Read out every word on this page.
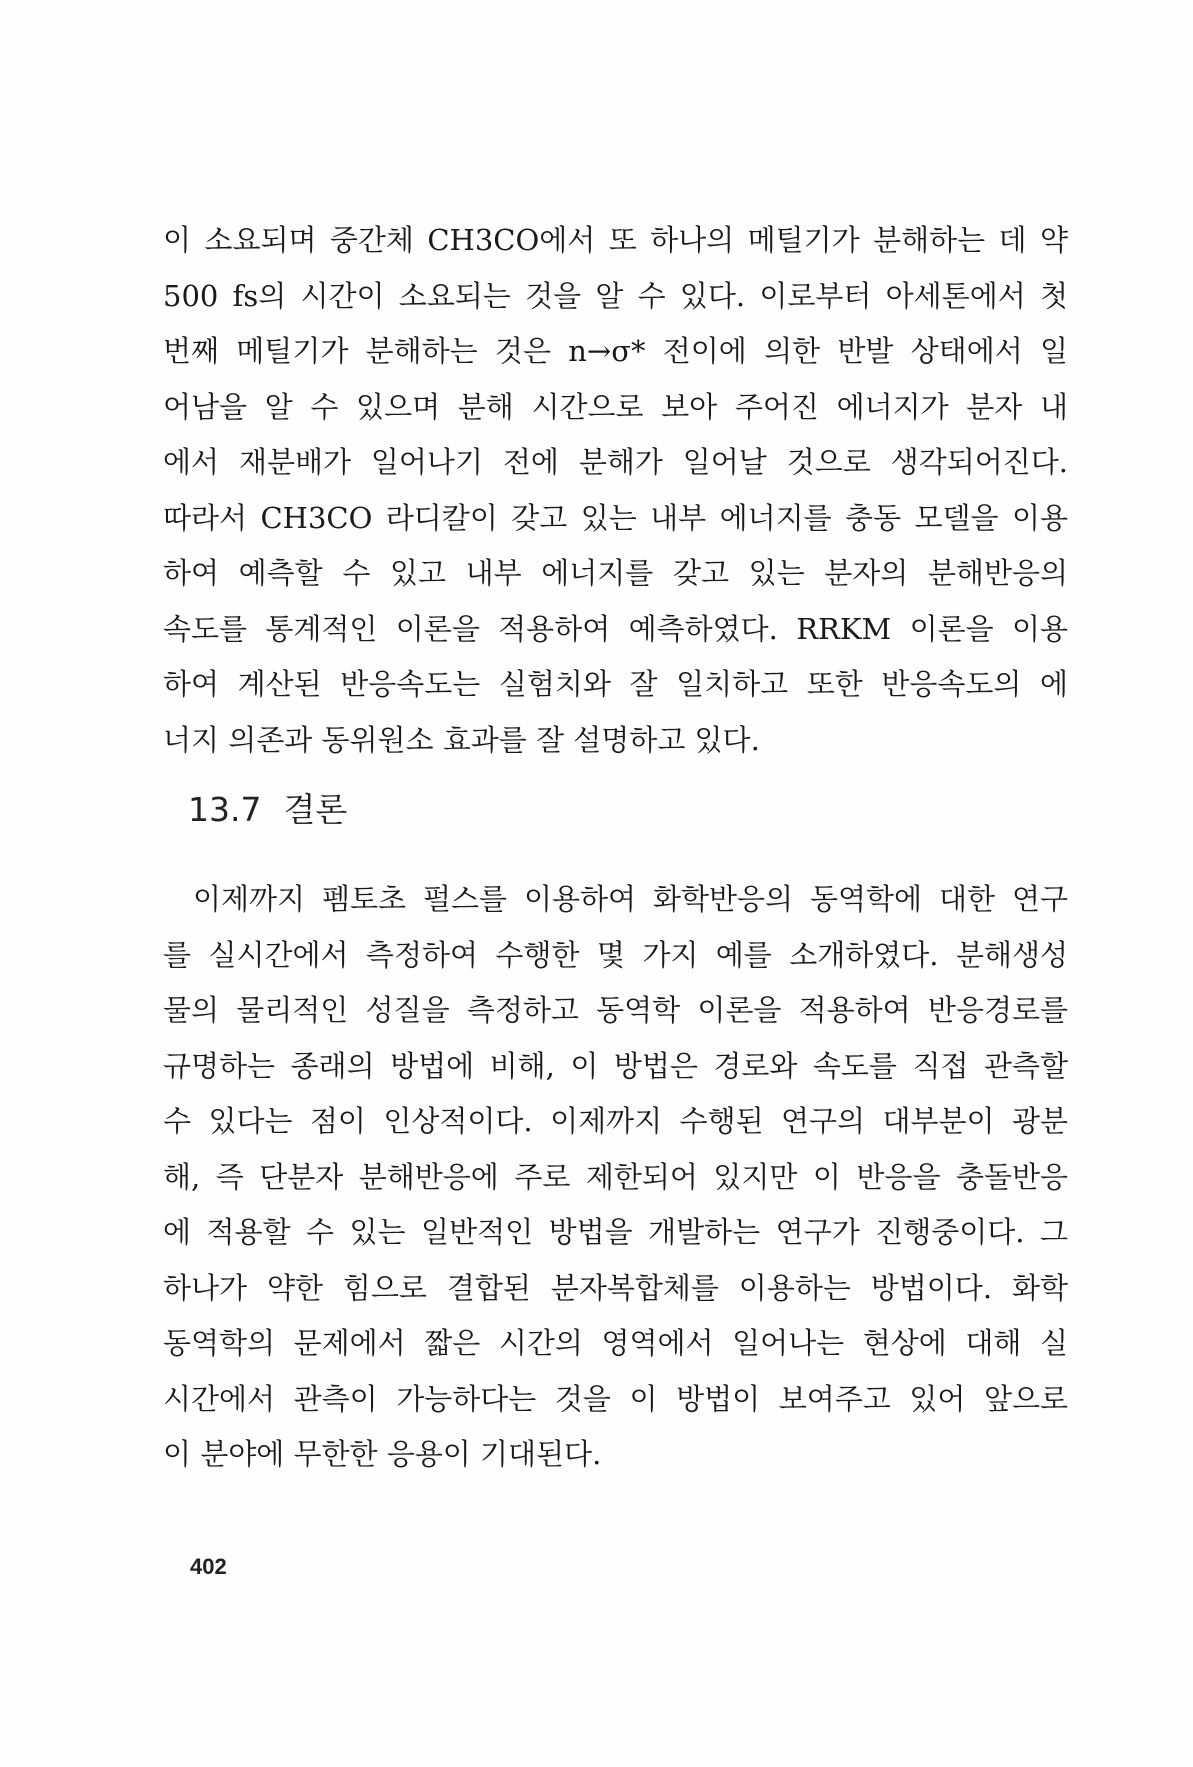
이 소요되며 중간체 CH3CO에서 또 하나의 메틸기가 분해하는 데 약
500 fs의 시간이 소요되는 것을 알 수 있다. 이로부터 아세톤에서 첫
번째 메틸기가 분해하는 것은 n→σ* 전이에 의한 반발 상태에서 일
어남을 알 수 있으며 분해 시간으로 보아 주어진 에너지가 분자 내
에서 재분배가 일어나기 전에 분해가 일어날 것으로 생각되어진다.
따라서 CH3CO 라디칼이 갖고 있는 내부 에너지를 충동 모델을 이용
하여 예측할 수 있고 내부 에너지를 갖고 있는 분자의 분해반응의
속도를 통계적인 이론을 적용하여 예측하였다. RRKM 이론을 이용
하여 계산된 반응속도는 실험치와 잘 일치하고 또한 반응속도의 에
너지 의존과 동위원소 효과를 잘 설명하고 있다.
13.7 결론
이제까지 펨토초 펄스를 이용하여 화학반응의 동역학에 대한 연구
를 실시간에서 측정하여 수행한 몇 가지 예를 소개하였다. 분해생성
물의 물리적인 성질을 측정하고 동역학 이론을 적용하여 반응경로를
규명하는 종래의 방법에 비해, 이 방법은 경로와 속도를 직접 관측할
수 있다는 점이 인상적이다. 이제까지 수행된 연구의 대부분이 광분
해, 즉 단분자 분해반응에 주로 제한되어 있지만 이 반응을 충돌반응
에 적용할 수 있는 일반적인 방법을 개발하는 연구가 진행중이다. 그
하나가 약한 힘으로 결합된 분자복합체를 이용하는 방법이다. 화학
동역학의 문제에서 짧은 시간의 영역에서 일어나는 현상에 대해 실
시간에서 관측이 가능하다는 것을 이 방법이 보여주고 있어 앞으로
이 분야에 무한한 응용이 기대된다.
402
